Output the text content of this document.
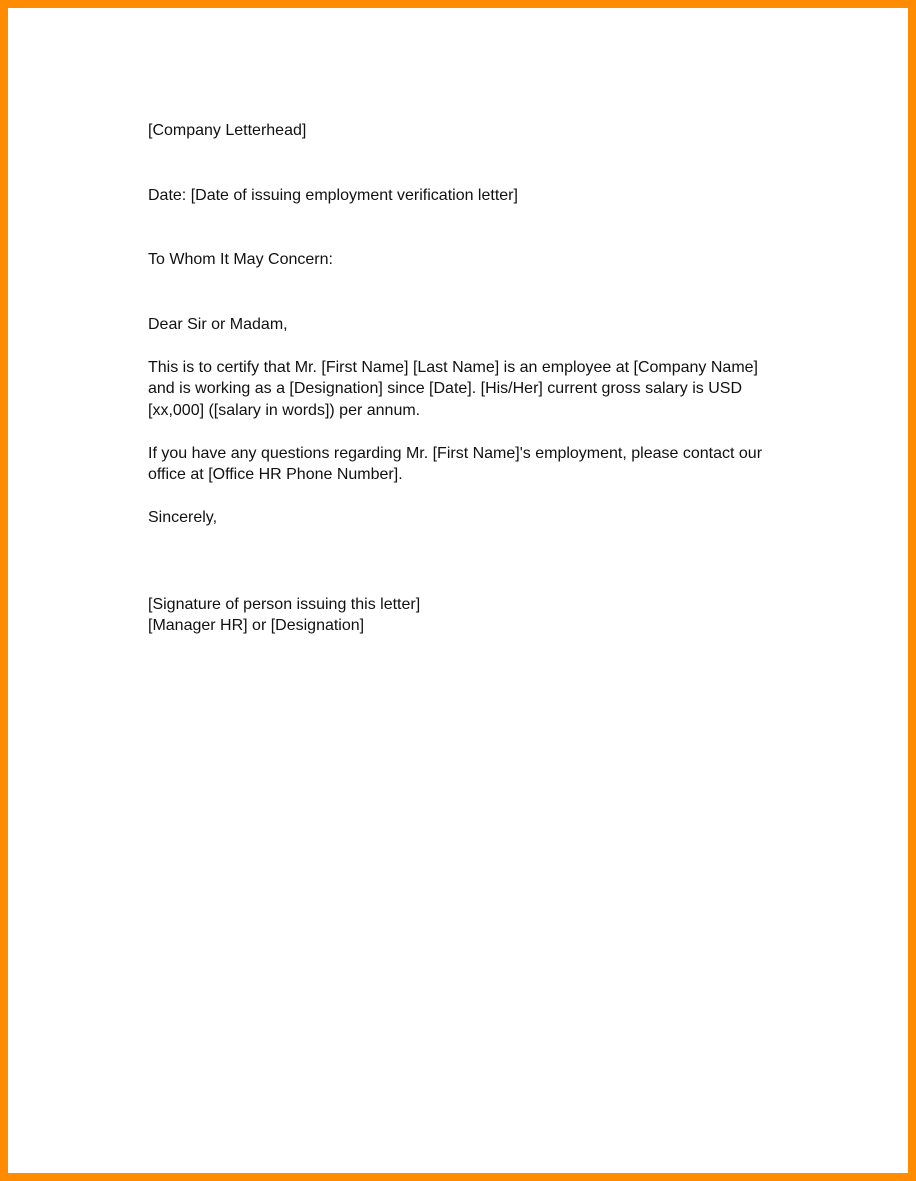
[Company Letterhead]

Date: [Date of issuing employment verification letter]

To Whom It May Concern:

Dear Sir or Madam,

This is to certify that Mr. [First Name] [Last Name] is an employee at [Company Name]

and is working as a [Designation] since [Date]. [His/Her] current gross salary is USD

[xx,000] ([salary in words]) per annum.

If you have any questions regarding Mr. [First Name]'s employment, please contact our

office at [Office HR Phone Number].

Sincerely,

[Signature of person issuing this letter]

[Manager HR] or [Designation]
